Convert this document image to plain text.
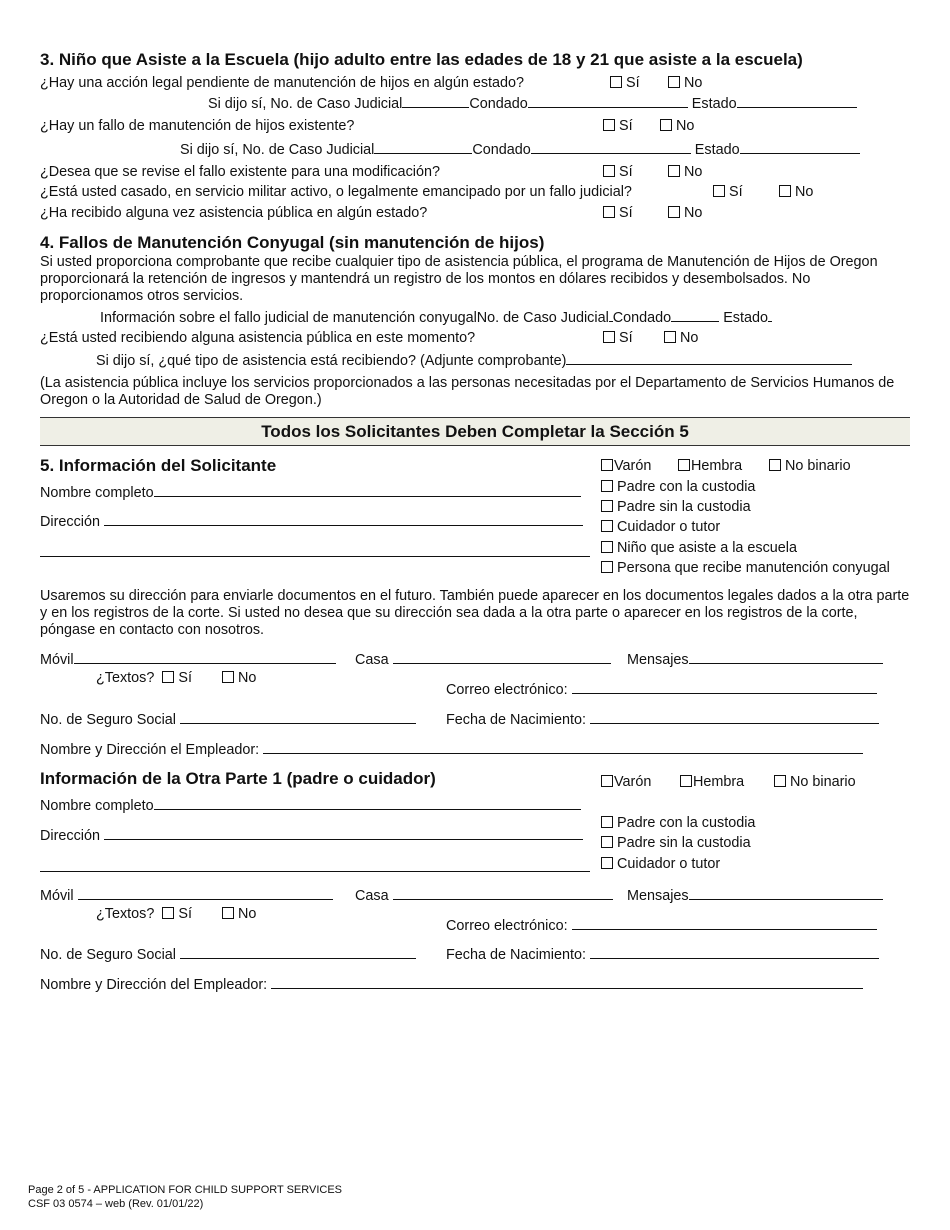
3. Niño que Asiste a la Escuela (hijo adulto entre las edades de 18 y 21 que asiste a la escuela)
¿Hay una acción legal pendiente de manutención de hijos en algún estado?	Sí	No
Si dijo sí, No. de Caso Judicial	Condado	Estado
¿Hay un fallo de manutención de hijos existente?	Sí	No
Si dijo sí, No. de Caso Judicial	Condado	Estado
¿Desea que se revise el fallo existente para una modificación?	Sí	No
¿Está usted casado, en servicio militar activo, o legalmente emancipado por un fallo judicial?	Sí	No
¿Ha recibido alguna vez asistencia pública en algún estado?	Sí	No
4. Fallos de Manutención Conyugal (sin manutención de hijos)
Si usted proporciona comprobante que recibe cualquier tipo de asistencia pública, el programa de Manutención de Hijos de Oregon proporcionará la retención de ingresos y mantendrá un registro de los montos en dólares recibidos y desembolsados. No proporcionamos otros servicios.
Información sobre el fallo judicial de manutención conyugalNo. de Caso Judicial Condado	Estado
¿Está usted recibiendo alguna asistencia pública en este momento?	Sí	No
Si dijo sí, ¿qué tipo de asistencia está recibiendo? (Adjunte comprobante)
(La asistencia pública incluye los servicios proporcionados a las personas necesitadas por el Departamento de Servicios Humanos de Oregon o la Autoridad de Salud de Oregon.)
Todos los Solicitantes Deben Completar la Sección 5
5. Información del Solicitante	Varón	Hembra	No binario
Padre con la custodia
Padre sin la custodia
Cuidador o tutor
Niño que asiste a la escuela
Persona que recibe manutención conyugal
Nombre completo
Dirección
Usaremos su dirección para enviarle documentos en el futuro. También puede aparecer en los documentos legales dados a la otra parte y en los registros de la corte. Si usted no desea que su dirección sea dada a la otra parte o aparecer en los registros de la corte, póngase en contacto con nosotros.
Móvil	Casa	Mensajes
¿Textos? Sí	No
Correo electrónico:
No. de Seguro Social	Fecha de Nacimiento:
Nombre y Dirección el Empleador:
Información de la Otra Parte 1 (padre o cuidador)	Varón	Hembra	No binario
Nombre completo
Padre con la custodia
Padre sin la custodia
Cuidador o tutor
Dirección
Móvil	Casa	Mensajes
¿Textos? Sí	No
Correo electrónico:
No. de Seguro Social	Fecha de Nacimiento:
Nombre y Dirección del Empleador:
Page 2 of 5 - APPLICATION FOR CHILD SUPPORT SERVICES
CSF 03 0574 – web (Rev. 01/01/22)
